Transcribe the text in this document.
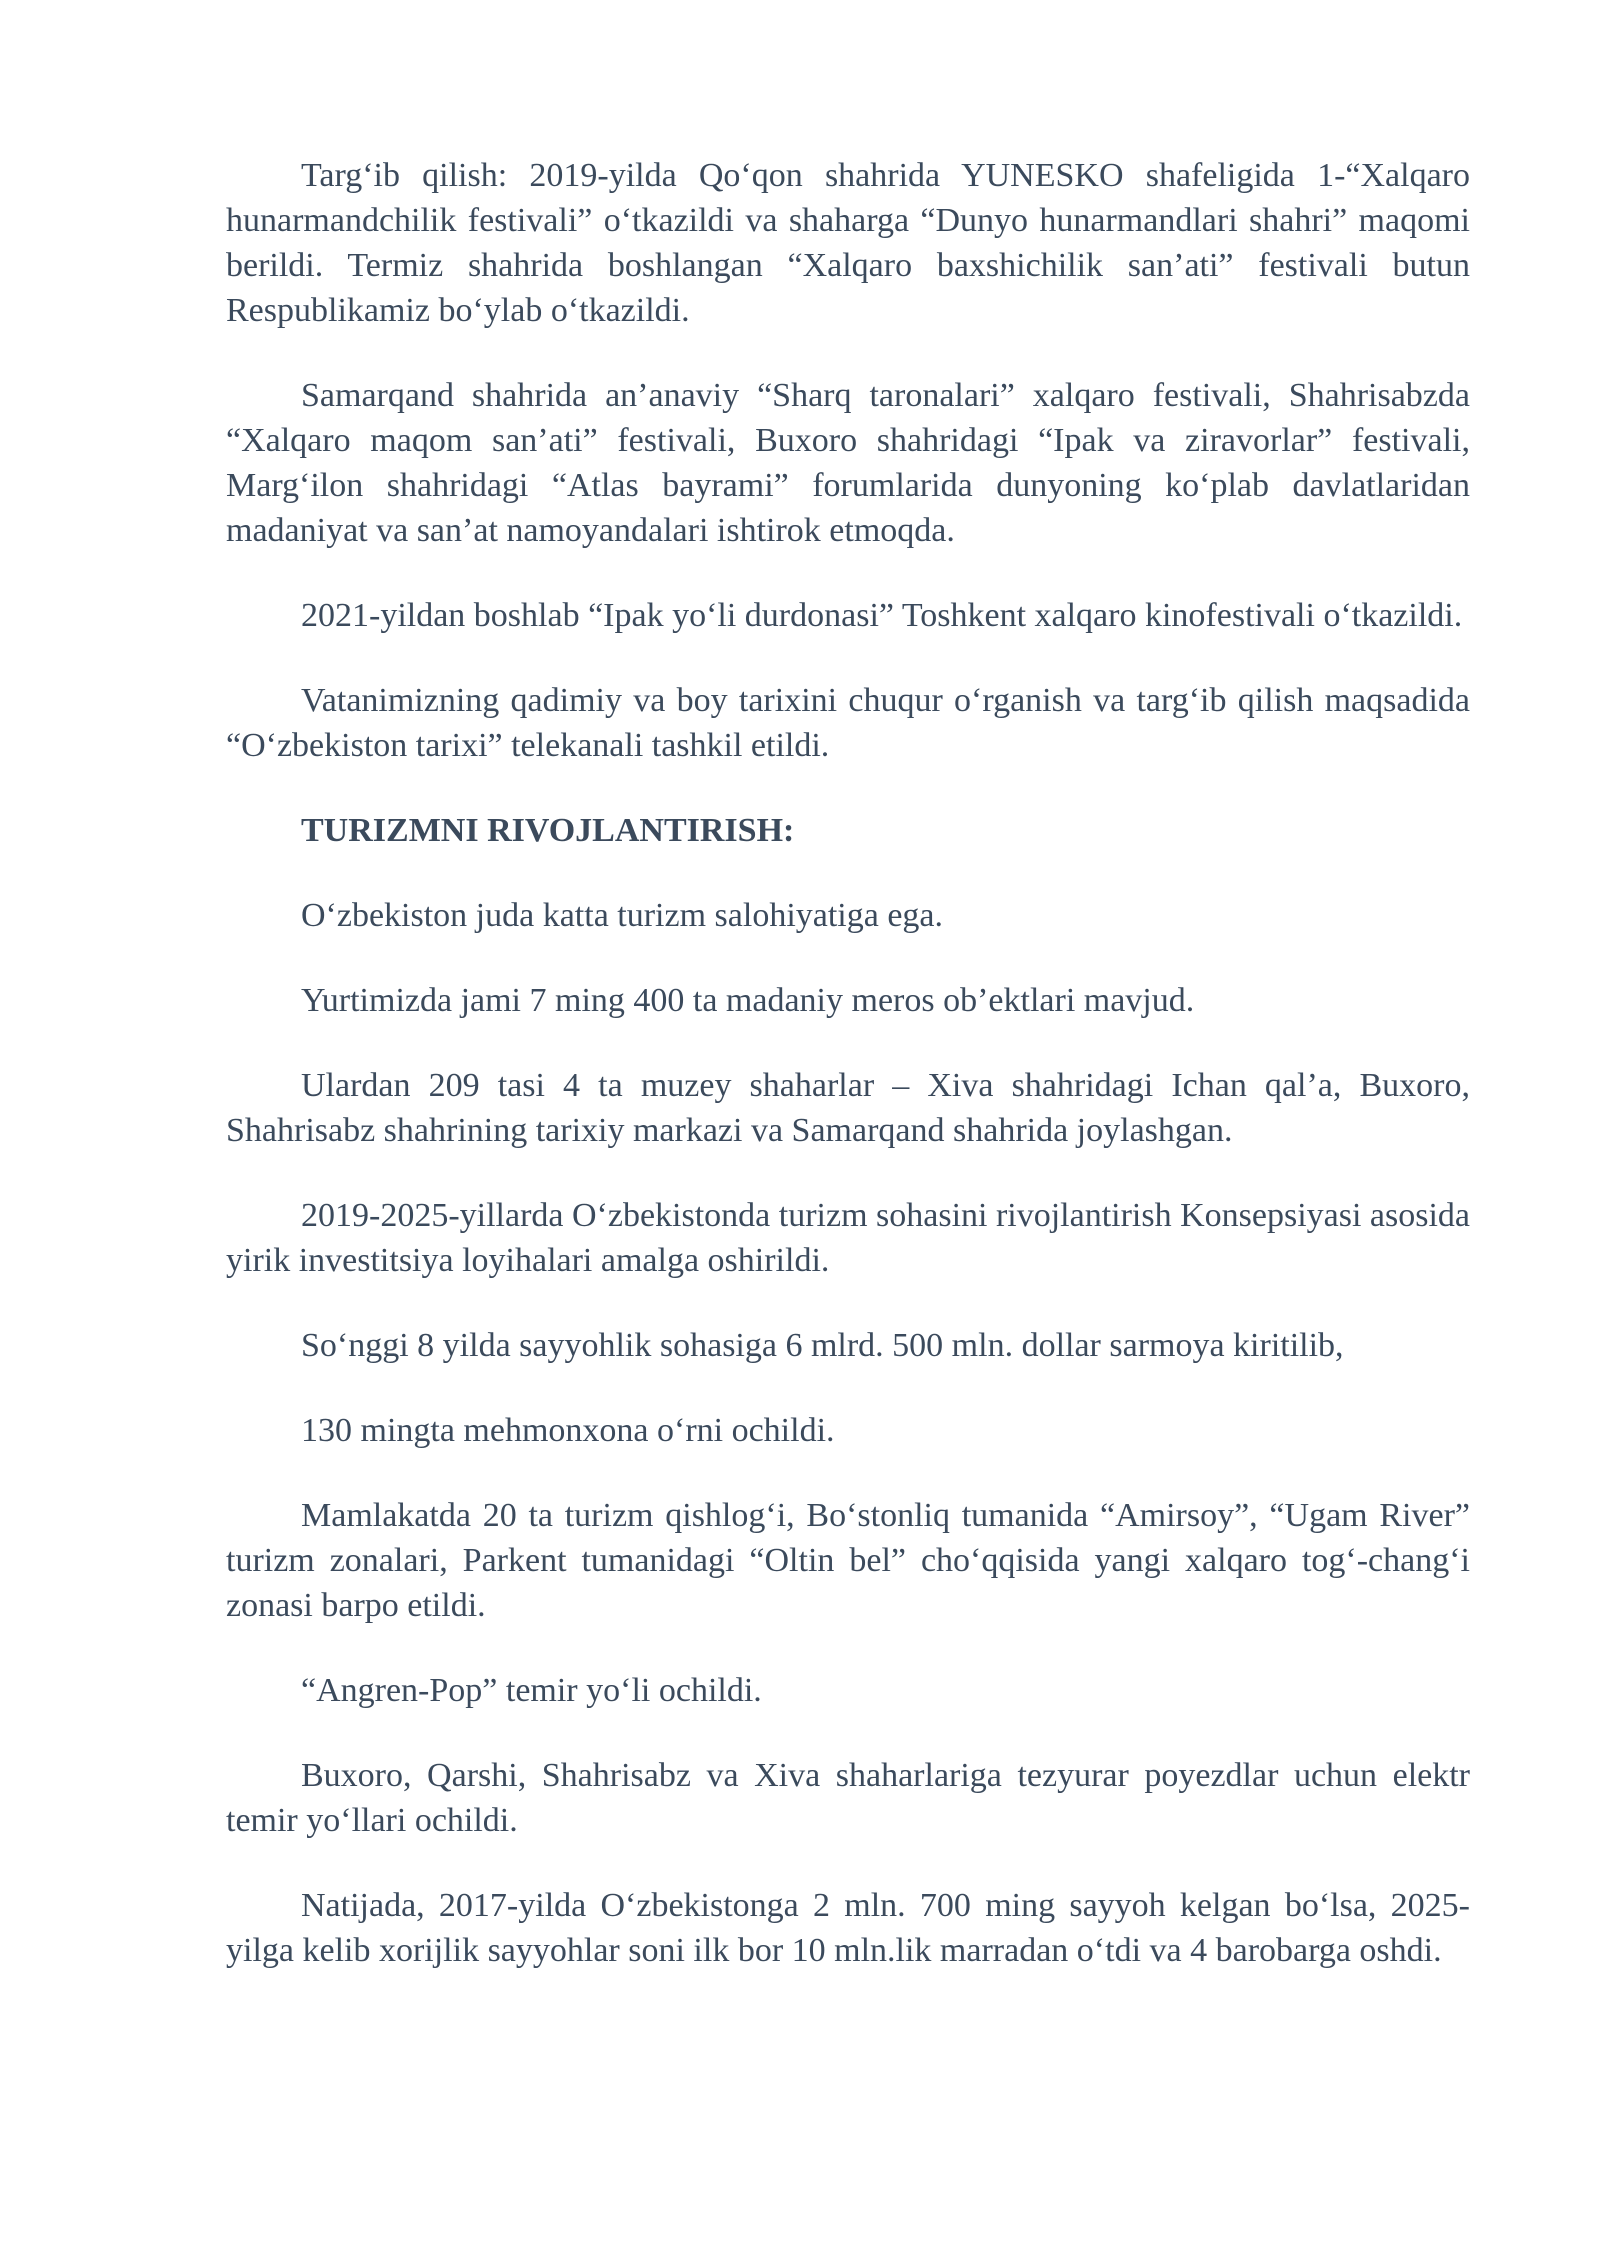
Targ‘ib qilish: 2019-yilda Qo‘qon shahrida YUNESKO shafeligida 1-“Xalqaro hunarmandchilik festivali” o‘tkazildi va shaharga “Dunyo hunarmandlari shahri” maqomi berildi. Termiz shahrida boshlangan “Xalqaro baxshichilik san’ati” festivali butun Respublikamiz bo‘ylab o‘tkazildi.

Samarqand shahrida an’anaviy “Sharq taronalari” xalqaro festivali, Shahrisabzda “Xalqaro maqom san’ati” festivali, Buxoro shahridagi “Ipak va ziravorlar” festivali, Marg‘ilon shahridagi “Atlas bayrami” forumlarida dunyoning ko‘plab davlatlaridan madaniyat va san’at namoyandalari ishtirok etmoqda.

2021-yildan boshlab “Ipak yo‘li durdonasi” Toshkent xalqaro kinofestivali o‘tkazildi.

Vatanimizning qadimiy va boy tarixini chuqur o‘rganish va targ‘ib qilish maqsadida “O‘zbekiston tarixi” telekanali tashkil etildi.

TURIZMNI RIVOJLANTIRISH:

O‘zbekiston juda katta turizm salohiyatiga ega.

Yurtimizda jami 7 ming 400 ta madaniy meros ob’ektlari mavjud.

Ulardan 209 tasi 4 ta muzey shaharlar – Xiva shahridagi Ichan qal’a, Buxoro, Shahrisabz shahrining tarixiy markazi va Samarqand shahrida joylashgan.

2019-2025-yillarda O‘zbekistonda turizm sohasini rivojlantirish Konsepsiyasi asosida yirik investitsiya loyihalari amalga oshirildi.

So‘nggi 8 yilda sayyohlik sohasiga 6 mlrd. 500 mln. dollar sarmoya kiritilib,

130 mingta mehmonxona o‘rni ochildi.

Mamlakatda 20 ta turizm qishlog‘i, Bo‘stonliq tumanida “Amirsoy”, “Ugam River” turizm zonalari, Parkent tumanidagi “Oltin bel” cho‘qqisida yangi xalqaro tog‘-chang‘i zonasi barpo etildi.

“Angren-Pop” temir yo‘li ochildi.

Buxoro, Qarshi, Shahrisabz va Xiva shaharlariga tezyurar poyezdlar uchun elektr temir yo‘llari ochildi.

Natijada, 2017-yilda O‘zbekistonga 2 mln. 700 ming sayyoh kelgan bo‘lsa, 2025-yilga kelib xorijlik sayyohlar soni ilk bor 10 mln.lik marradan o‘tdi va 4 barobarga oshdi.
